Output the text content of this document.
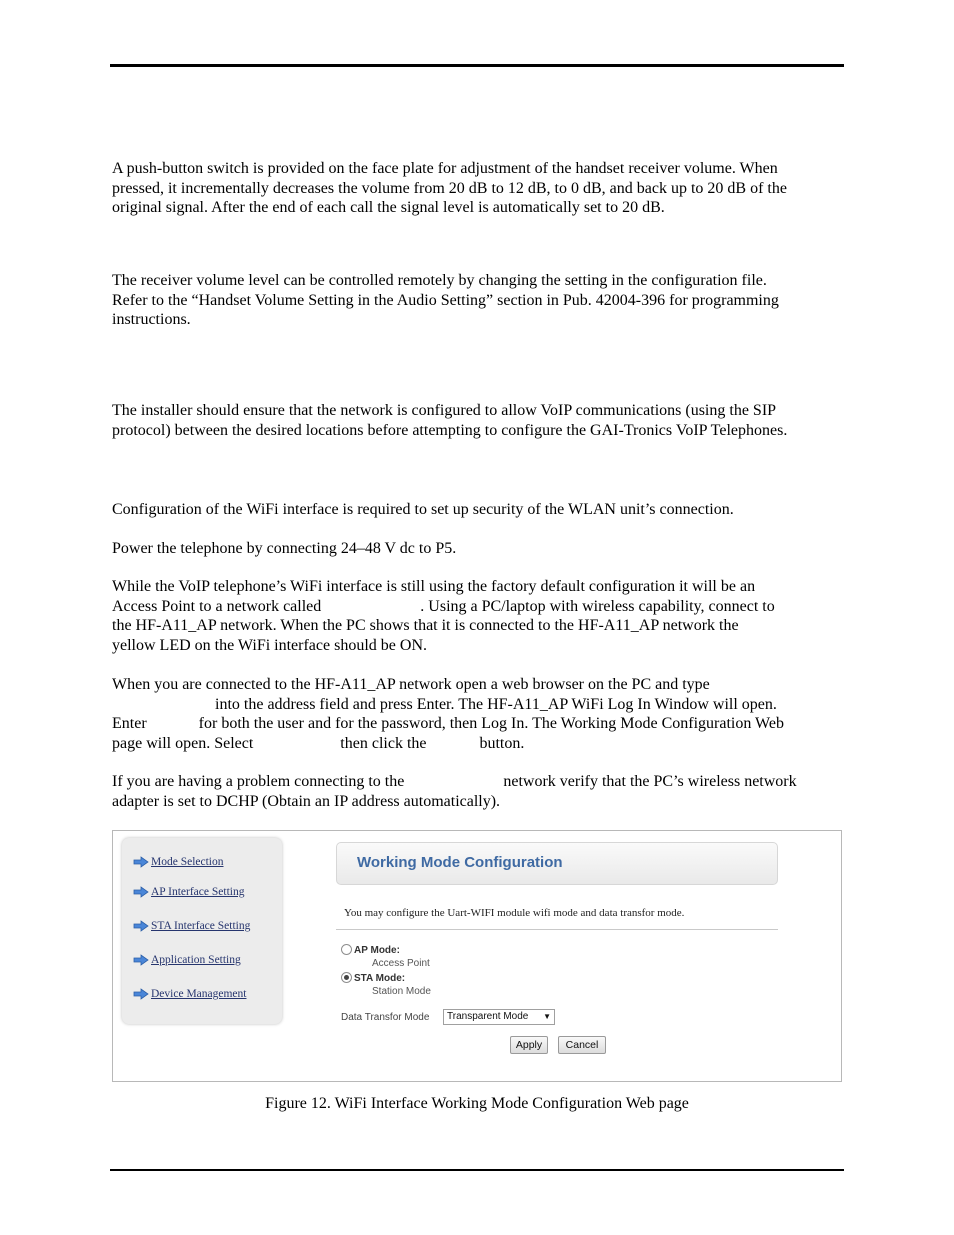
A push-button switch is provided on the face plate for adjustment of the handset receiver volume. When
pressed, it incrementally decreases the volume from 20 dB to 12 dB, to 0 dB, and back up to 20 dB of the
original signal. After the end of each call the signal level is automatically set to 20 dB.
The receiver volume level can be controlled remotely by changing the setting in the configuration file.
Refer to the “Handset Volume Setting in the Audio Setting” section in Pub. 42004-396 for programming
instructions.
The installer should ensure that the network is configured to allow VoIP communications (using the SIP
protocol) between the desired locations before attempting to configure the GAI-Tronics VoIP Telephones.
Configuration of the WiFi interface is required to set up security of the WLAN unit’s connection.
Power the telephone by connecting 24–48 V dc to P5.
While the VoIP telephone’s WiFi interface is still using the factory default configuration it will be an
Access Point to a network called	. Using a PC/laptop with wireless capability, connect to
the HF-A11_AP network. When the PC shows that it is connected to the HF-A11_AP network the
yellow LED on the WiFi interface should be ON.
When you are connected to the HF-A11_AP network open a web browser on the PC and type
into the address field and press Enter. The HF-A11_AP WiFi Log In Window will open.
Enter	for both the user and for the password, then Log In. The Working Mode Configuration Web
page will open. Select	then click the	button.
If you are having a problem connecting to the	network verify that the PC’s wireless network
adapter is set to DCHP (Obtain an IP address automatically).
Mode Selection
AP Interface Setting
STA Interface Setting
Application Setting
Device Management
Working Mode Configuration
You may configure the Uart-WIFI module wifi mode and data transfor mode.
AP Mode:
Access Point
STA Mode:
Station Mode
Data Transfor Mode Transparent Mode ▼
Apply	Cancel
Figure 12. WiFi Interface Working Mode Configuration Web page
